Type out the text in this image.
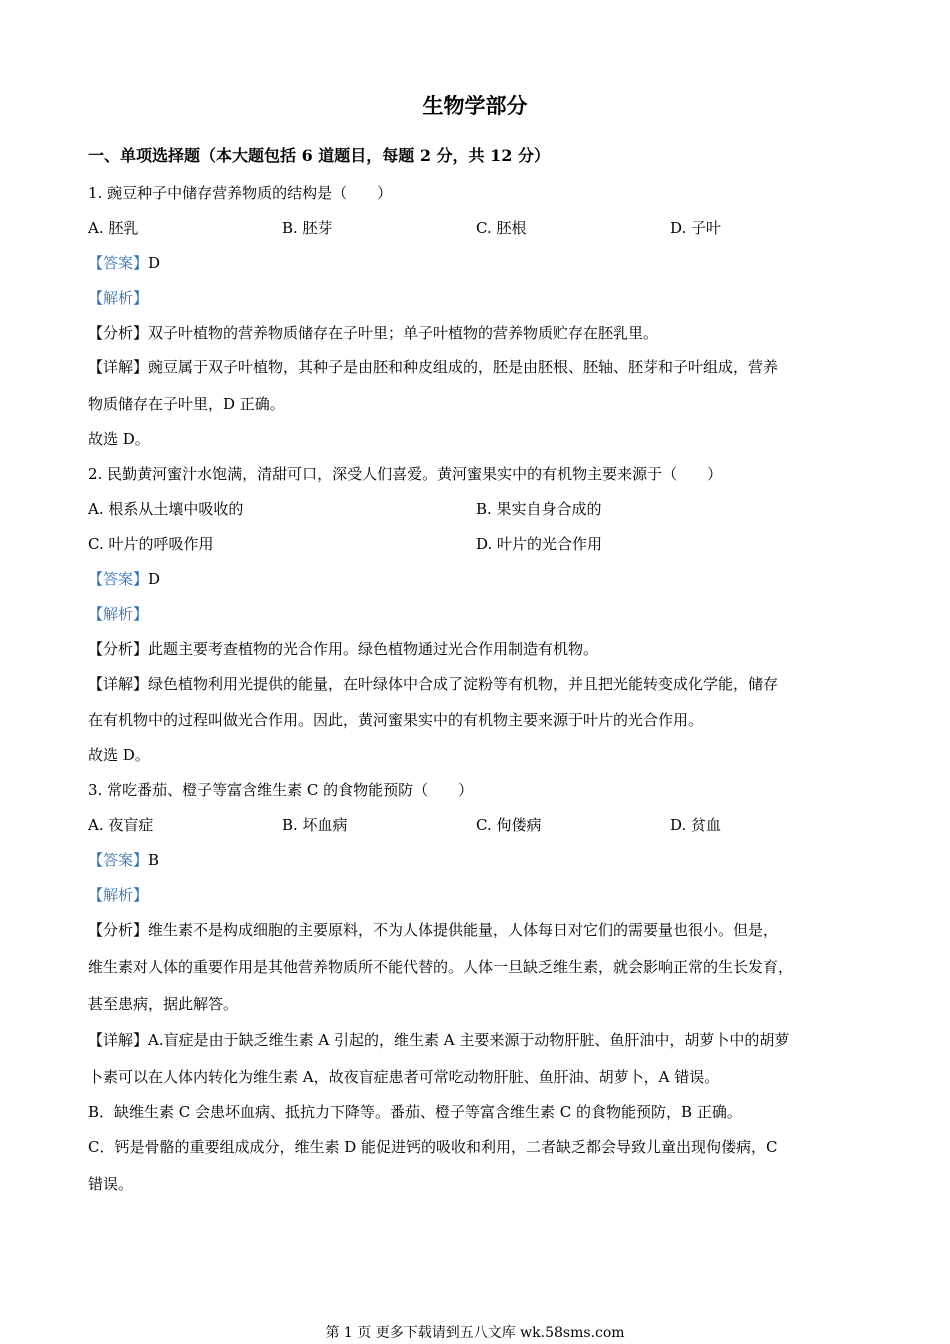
生物学部分
一、单项选择题（本大题包括 6 道题目，每题 2 分，共 12 分）
1. 豌豆种子中储存营养物质的结构是（　　）
A. 胚乳	B. 胚芽	C. 胚根	D. 子叶
【答案】D
【解析】
【分析】双子叶植物的营养物质储存在子叶里；单子叶植物的营养物质贮存在胚乳里。
【详解】豌豆属于双子叶植物，其种子是由胚和种皮组成的，胚是由胚根、胚轴、胚芽和子叶组成，营养
物质储存在子叶里，D 正确。
故选 D。
2. 民勤黄河蜜汁水饱满，清甜可口，深受人们喜爱。黄河蜜果实中的有机物主要来源于（　　）
A. 根系从土壤中吸收的	B. 果实自身合成的
C. 叶片的呼吸作用	D. 叶片的光合作用
【答案】D
【解析】
【分析】此题主要考查植物的光合作用。绿色植物通过光合作用制造有机物。
【详解】绿色植物利用光提供的能量，在叶绿体中合成了淀粉等有机物，并且把光能转变成化学能，储存
在有机物中的过程叫做光合作用。因此，黄河蜜果实中的有机物主要来源于叶片的光合作用。
故选 D。
3. 常吃番茄、橙子等富含维生素 C 的食物能预防（　　）
A. 夜盲症	B. 坏血病	C. 佝偻病	D. 贫血
【答案】B
【解析】
【分析】维生素不是构成细胞的主要原料，不为人体提供能量，人体每日对它们的需要量也很小。但是，
维生素对人体的重要作用是其他营养物质所不能代替的。人体一旦缺乏维生素，就会影响正常的生长发育，
甚至患病，据此解答。
【详解】A.盲症是由于缺乏维生素 A 引起的，维生素 A 主要来源于动物肝脏、鱼肝油中，胡萝卜中的胡萝
卜素可以在人体内转化为维生素 A，故夜盲症患者可常吃动物肝脏、鱼肝油、胡萝卜，A 错误。
B．缺维生素 C 会患坏血病、抵抗力下降等。番茄、橙子等富含维生素 C 的食物能预防，B 正确。
C．钙是骨骼的重要组成成分，维生素 D 能促进钙的吸收和利用，二者缺乏都会导致儿童出现佝偻病，C
错误。
第 1 页 更多下载请到五八文库 wk.58sms.com
